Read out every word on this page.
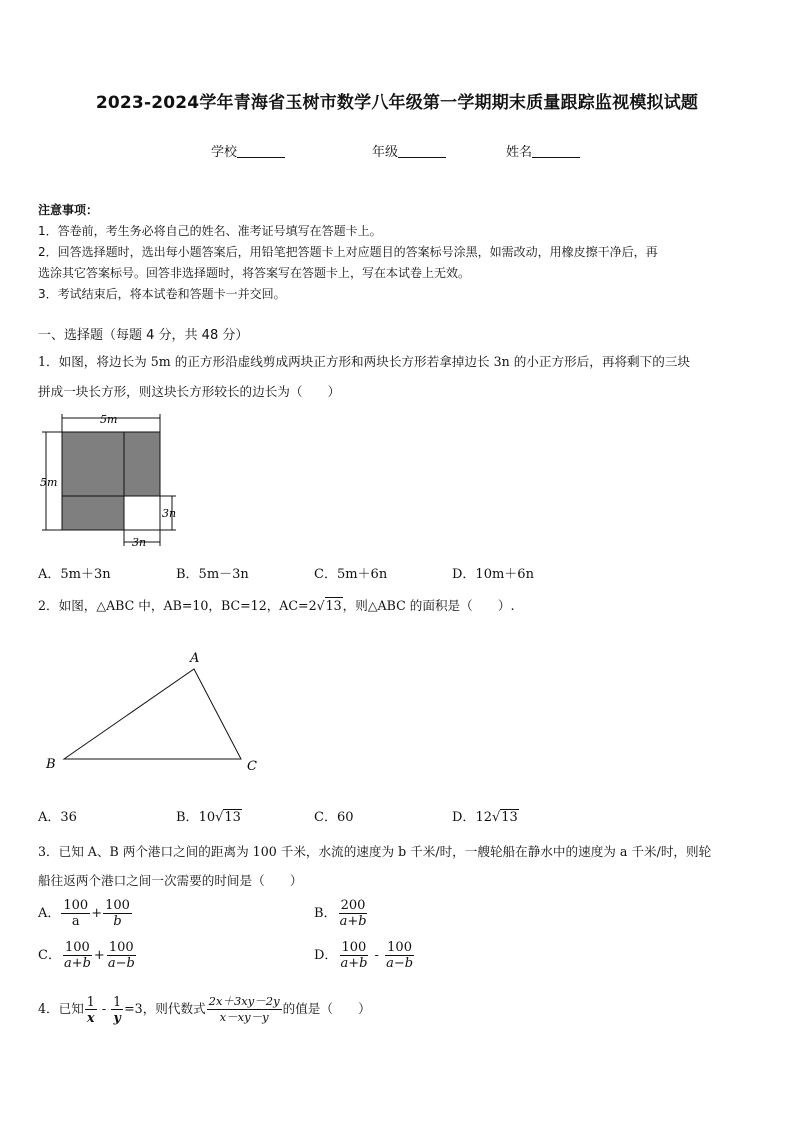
2023-2024学年青海省玉树市数学八年级第一学期期末质量跟踪监视模拟试题
学校	年级	姓名
注意事项：
1．答卷前，考生务必将自己的姓名、准考证号填写在答题卡上。
2．回答选择题时，选出每小题答案后，用铅笔把答题卡上对应题目的答案标号涂黑，如需改动，用橡皮擦干净后，再
选涂其它答案标号。回答非选择题时，将答案写在答题卡上，写在本试卷上无效。
3．考试结束后，将本试卷和答题卡一并交回。
一、选择题（每题 4 分，共 48 分）
1．如图，将边长为 5m 的正方形沿虚线剪成两块正方形和两块长方形若拿掉边长 3n 的小正方形后，再将剩下的三块
拼成一块长方形，则这块长方形较长的边长为（　　）
5m
5m
3n
3n
A．5m＋3n	B．5m－3n	C．5m＋6n	D．10m＋6n
2．如图，△ABC 中，AB=10，BC=12，AC=2√13，则△ABC 的面积是（　　）.
A
B	C
A．36	B．10√13	C．60	D．12√13
3．已知 A、B 两个港口之间的距离为 100 千米，水流的速度为 b 千米/时，一艘轮船在静水中的速度为 a 千米/时，则轮
船往返两个港口之间一次需要的时间是（　　）
A． $\frac{100}{a} + \frac{100}{b}$	B． $\frac{200}{a+b}$
C． $\frac{100}{a+b} + \frac{100}{a-b}$	D． $\frac{100}{a+b} - \frac{100}{a-b}$
4．已知 $\frac{1}{x} - \frac{1}{y} =3$，则代数式 $\frac{2x+3xy-2y}{x-xy-y}$ 的值是（　　）
